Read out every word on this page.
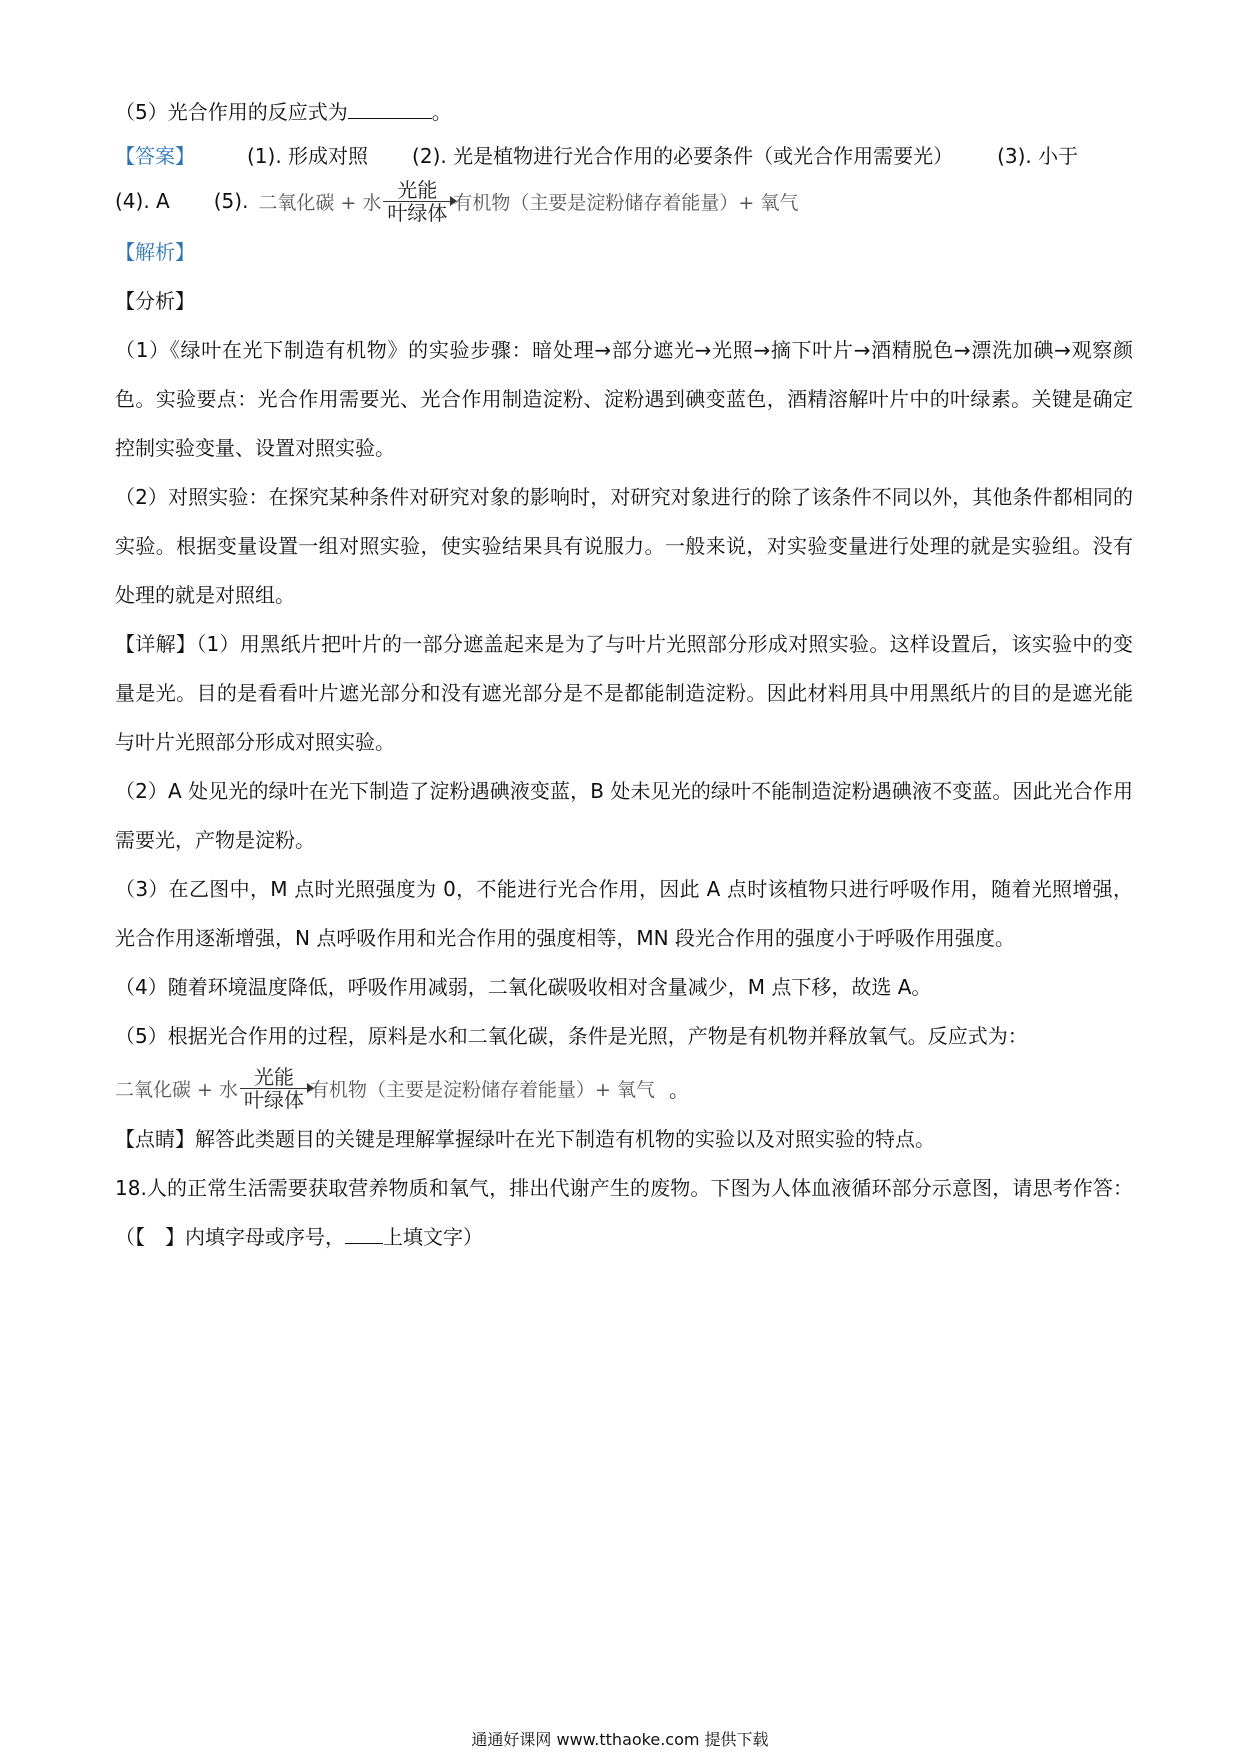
（5）光合作用的反应式为	。

【答案】	(1). 形成对照 (2). 光是植物进行光合作用的必要条件（或光合作用需要光） (3). 小于

(4). A (5). 二氧化碳 + 水 $\frac{\text{光能}}{\text{叶绿体}}$ 有机物（主要是淀粉储存着能量）+ 氧气

【解析】

【分析】

（1）《绿叶在光下制造有机物》的实验步骤：暗处理→部分遮光→光照→摘下叶片→酒精脱色→漂洗加碘→观察颜色。实验要点：光合作用需要光、光合作用制造淀粉、淀粉遇到碘变蓝色，酒精溶解叶片中的叶绿素。关键是确定控制实验变量、设置对照实验。

（2）对照实验：在探究某种条件对研究对象的影响时，对研究对象进行的除了该条件不同以外，其他条件都相同的实验。根据变量设置一组对照实验，使实验结果具有说服力。一般来说，对实验变量进行处理的就是实验组。没有处理的就是对照组。

【详解】（1）用黑纸片把叶片的一部分遮盖起来是为了与叶片光照部分形成对照实验。这样设置后，该实验中的变量是光。目的是看看叶片遮光部分和没有遮光部分是不是都能制造淀粉。因此材料用具中用黑纸片的目的是遮光能与叶片光照部分形成对照实验。

（2）A 处见光的绿叶在光下制造了淀粉遇碘液变蓝，B 处未见光的绿叶不能制造淀粉遇碘液不变蓝。因此光合作用需要光，产物是淀粉。

（3）在乙图中，M 点时光照强度为 0，不能进行光合作用，因此 A 点时该植物只进行呼吸作用，随着光照增强，光合作用逐渐增强，N 点呼吸作用和光合作用的强度相等，MN 段光合作用的强度小于呼吸作用强度。

（4）随着环境温度降低，呼吸作用减弱，二氧化碳吸收相对含量减少，M 点下移，故选 A。

（5）根据光合作用的过程，原料是水和二氧化碳，条件是光照，产物是有机物并释放氧气。反应式为：

二氧化碳 + 水 $\frac{\text{光能}}{\text{叶绿体}}$ 有机物（主要是淀粉储存着能量）+ 氧气 。

【点睛】解答此类题目的关键是理解掌握绿叶在光下制造有机物的实验以及对照实验的特点。

18.人的正常生活需要获取营养物质和氧气，排出代谢产生的废物。下图为人体血液循环部分示意图，请思考作答：（【　】内填字母或序号， 上填文字）

通通好课网 www.tthaoke.com 提供下载
